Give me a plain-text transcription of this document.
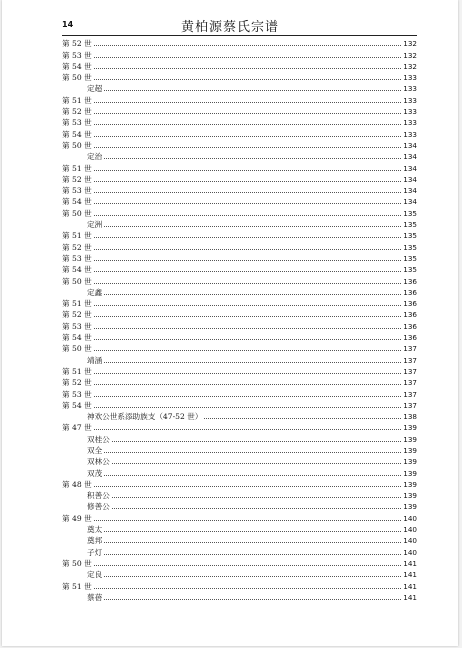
14	黄柏源蔡氏宗谱
第 52 世	132
第 53 世	132
第 54 世	132
第 50 世	133
定超	133
第 51 世	133
第 52 世	133
第 53 世	133
第 54 世	133
第 50 世	134
定治	134
第 51 世	134
第 52 世	134
第 53 世	134
第 54 世	134
第 50 世	135
定洲	135
第 51 世	135
第 52 世	135
第 53 世	135
第 54 世	135
第 50 世	136
定鑫	136
第 51 世	136
第 52 世	136
第 53 世	136
第 54 世	136
第 50 世	137
靖涵	137
第 51 世	137
第 52 世	137
第 53 世	137
第 54 世	137
神欢公世系添助族支（47-52 世）	138
第 47 世	139
双桂公	139
双全	139
双林公	139
双茂	139
第 48 世	139
积善公	139
修善公	139
第 49 世	140
奠太	140
奠邦	140
子灯	140
第 50 世	141
定良	141
第 51 世	141
蔡蓓	141
